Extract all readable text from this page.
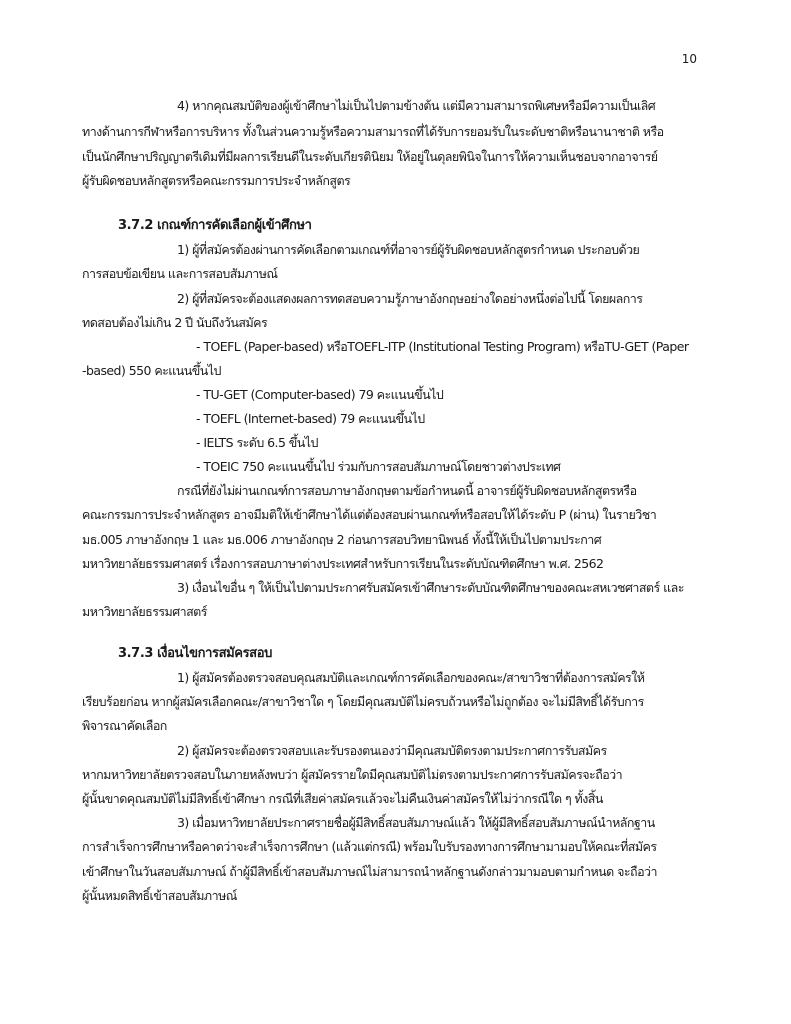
10
4) หากคุณสมบัติของผู้เข้าศึกษาไม่เป็นไปตามข้างต้น แต่มีความสามารถพิเศษหรือมีความเป็นเลิศ
ทางด้านการกีฬาหรือการบริหาร ทั้งในส่วนความรู้หรือความสามารถที่ได้รับการยอมรับในระดับชาติหรือนานาชาติ หรือ
เป็นนักศึกษาปริญญาตรีเดิมที่มีผลการเรียนดีในระดับเกียรตินิยม ให้อยู่ในดุลยพินิจในการให้ความเห็นชอบจากอาจารย์
ผู้รับผิดชอบหลักสูตรหรือคณะกรรมการประจำหลักสูตร
3.7.2 เกณฑ์การคัดเลือกผู้เข้าศึกษา
1) ผู้ที่สมัครต้องผ่านการคัดเลือกตามเกณฑ์ที่อาจารย์ผู้รับผิดชอบหลักสูตรกำหนด ประกอบด้วย
การสอบข้อเขียน และการสอบสัมภาษณ์
2) ผู้ที่สมัครจะต้องแสดงผลการทดสอบความรู้ภาษาอังกฤษอย่างใดอย่างหนึ่งต่อไปนี้ โดยผลการ
ทดสอบต้องไม่เกิน 2 ปี นับถึงวันสมัคร
- TOEFL (Paper-based) หรือTOEFL-ITP (Institutional Testing Program) หรือTU-GET (Paper
-based) 550 คะแนนขึ้นไป
- TU-GET (Computer-based) 79 คะแนนขึ้นไป
- TOEFL (Internet-based) 79 คะแนนขึ้นไป
- IELTS ระดับ 6.5 ขึ้นไป
- TOEIC 750 คะแนนขึ้นไป ร่วมกับการสอบสัมภาษณ์โดยชาวต่างประเทศ
กรณีที่ยังไม่ผ่านเกณฑ์การสอบภาษาอังกฤษตามข้อกำหนดนี้ อาจารย์ผู้รับผิดชอบหลักสูตรหรือ
คณะกรรมการประจำหลักสูตร อาจมีมติให้เข้าศึกษาได้แต่ต้องสอบผ่านเกณฑ์หรือสอบให้ได้ระดับ P (ผ่าน) ในรายวิชา
มธ.005 ภาษาอังกฤษ 1 และ มธ.006 ภาษาอังกฤษ 2 ก่อนการสอบวิทยานิพนธ์ ทั้งนี้ให้เป็นไปตามประกาศ
มหาวิทยาลัยธรรมศาสตร์ เรื่องการสอบภาษาต่างประเทศสำหรับการเรียนในระดับบัณฑิตศึกษา พ.ศ. 2562
3) เงื่อนไขอื่น ๆ ให้เป็นไปตามประกาศรับสมัครเข้าศึกษาระดับบัณฑิตศึกษาของคณะสหเวชศาสตร์ และ
มหาวิทยาลัยธรรมศาสตร์
3.7.3 เงื่อนไขการสมัครสอบ
1) ผู้สมัครต้องตรวจสอบคุณสมบัติและเกณฑ์การคัดเลือกของคณะ/สาขาวิชาที่ต้องการสมัครให้
เรียบร้อยก่อน หากผู้สมัครเลือกคณะ/สาขาวิชาใด ๆ โดยมีคุณสมบัติไม่ครบถ้วนหรือไม่ถูกต้อง จะไม่มีสิทธิ์ได้รับการ
พิจารณาคัดเลือก
2) ผู้สมัครจะต้องตรวจสอบและรับรองตนเองว่ามีคุณสมบัติตรงตามประกาศการรับสมัคร
หากมหาวิทยาลัยตรวจสอบในภายหลังพบว่า ผู้สมัครรายใดมีคุณสมบัติไม่ตรงตามประกาศการรับสมัครจะถือว่า
ผู้นั้นขาดคุณสมบัติไม่มีสิทธิ์เข้าศึกษา กรณีที่เสียค่าสมัครแล้วจะไม่คืนเงินค่าสมัครให้ไม่ว่ากรณีใด ๆ ทั้งสิ้น
3) เมื่อมหาวิทยาลัยประกาศรายชื่อผู้มีสิทธิ์สอบสัมภาษณ์แล้ว ให้ผู้มีสิทธิ์สอบสัมภาษณ์นำหลักฐาน
การสำเร็จการศึกษาหรือคาดว่าจะสำเร็จการศึกษา (แล้วแต่กรณี) พร้อมใบรับรองทางการศึกษามามอบให้คณะที่สมัคร
เข้าศึกษาในวันสอบสัมภาษณ์ ถ้าผู้มีสิทธิ์เข้าสอบสัมภาษณ์ไม่สามารถนำหลักฐานดังกล่าวมามอบตามกำหนด จะถือว่า
ผู้นั้นหมดสิทธิ์เข้าสอบสัมภาษณ์
